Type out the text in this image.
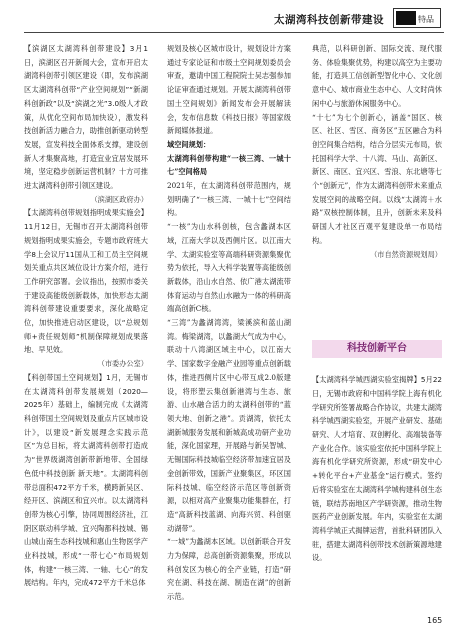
太湖湾科技创新带建设	特品

【滨湖区太湖湾科创带建设】3月1日，滨湖区召开新闻大会，宣布开启太湖湾科创带引领区建设（即，发布滨湖区太湖湾科创带“产业空间规划”“新湖科创新政”以及“滨湖之光”3.0级人才政策，从优化空间布局加快设），激发科技创新活力融合力，助推创新驱动转型发展，宣发科技全面体系支撑，建设创新人才集聚高地，打造宜业宜居发展环境，坚定稳步创新运营机制？十方可推进太湖湾科创带引领区建设。

（滨湖区政府办）

【太湖湾科创带规划指明成果实施会】11月12日，无锡市召开太湖湾科创带规划指明成果实施会，专题市政府班大学8上会议厅11国从工和工员主空间规划关重点共区域位设计方案介绍，进行工作研究部署。会议指出，按照市委关于建设高能级创新载体，加快形态太湖湾科创带建设重要要求，深化战略定位，加快推进启动区建设，以“总规划师+责任规划师”机制保障规划成果落地、早见效。

（市委办公室）

【科创带国土空间规划】1月，无锡市在太湖湾科创带发展规划（2020—2025年）基础上，编制完成《太湖湾科创带国土空间规划及重点片区城市设计》，以建设“新发展理念实践示范区”为总目标，将太湖湾科创带打造成为“世界级湖湾创新带新地带、全国绿色低中科技创新 新天地”。太湖湾科创带总面积472平方千米，横跨新吴区、经开区、滨湖区和宜兴市。以太湖湾科创带为核心引擎，协同周围经济社，江阴区联动科学城、宜兴陶都科技城、锡山城山南生态科技城和惠山生物医学产业科技城，形成“一带七心”布局规划体，构建“一核三湾、一轴、七心”的发展结构。年内，完成472平方千米总体

规划及核心区城市设计，规划设计方案通过专家论证和市级土空间规划委员会审查，邀请中国工程院院士吴志强参加论证审查通过规划。开展太湖湾科创带国土空间规划》新闻发布会开展解读会，发布信息数《科技日报》等国家级新闻媒体报道。

域空间规划：

太湖湾科创带构建“一核三湾、一城十七”空间格局

2021年，在太湖湾科创带范围内，规划明确了“一核三湾、一城十七”空间结构。

“一核”为山水科创核，包含蠡湖本区域，江南大学以及西侧片区。以江南大学、太湖实验室等高端科研资源集聚优势为依托，导入大科学装置等高能级创新载体，沿山水自然、依广港太湖流带体育运动与自然山水融为一体的科研高端高创新C核。

“三湾”为蠡湖湾湾，梁溪滨和蓝山湖湾。梅梁湖湾，以蠡湖大气成为中心，联动十八湾湖区域主中心，以江南大学、国家数字金融产业园等重点创新载体，推进西侧片区中心带互成2.0版建设，将形塑云集创新港湾与生态、旅游、山水融合活力的太湖科创带的“蓝领大地、创新之港”。贡湖湾，依托太湖新城服务发展和新城高成功研产业功能，深化国家理，开展路与新吴智城、无锡国际科技城临空经济带加速宜居及金创新带效，国新产业聚集区，环区国际科技城、临空经济示范区等创新资源，以相对高产业聚集功能集群在，打造“高新科技蓝湖、向海兴贸、科创驱动湖带”。

“一城”为蠡湖本区域。以创新联合开发力为保障，总高创新资源集聚，形成以科创发区为核心的全产业链，打造“研究在湖、科技在湖、制造在湖”的创新示范。

典范，以科研创新、国际交流、现代服务、体验集聚优势，构建以高空为主要功能，打造具工信创新型智化中心、文化创意中心、城市商业生态中心、人文时尚休闲中心与旅游休闲服务中心。

“十七”为七个创新心，涵盖“国区、核区、社区、雪区、商务区”五区融合为科创空间集合结构，结合分层实元布局，依托国科学大学、十八湾、马山、高新区、新区、南区、宜兴区、雪浪、东北塘等七个“创新元”，作为太湖湾科创带未来重点发展空间的战略空间。以线“太湖湾＋水路”双核控制体制，且升，创新未来及科研国人才社区百观平复建设单一布局结构。

（市自然资源规划局）

科技创新平台

【太湖湾科学城西湖实验室揭牌】5月22日，无锡市政府和中国科学院上海有机化学研究所签署战略合作协议，共建太湖湾科学城西湖实验室，开展产业研发、基础研究、人才培育、双创孵化、高端装备等产业化合作。该实验室依托中国科学院上海有机化学研究所资源，形成“研发中心+转化平台+产业基金”运行模式。签约后将实验室在太湖湾科学城构建科创生态链，联结苏南地区产学研资源，推动生物医药产业创新发展。年内，实验室在太湖湾科学城正式揭牌运营，首批科研团队入驻，搭建太湖湾科创带技术创新策源地建设。

165
